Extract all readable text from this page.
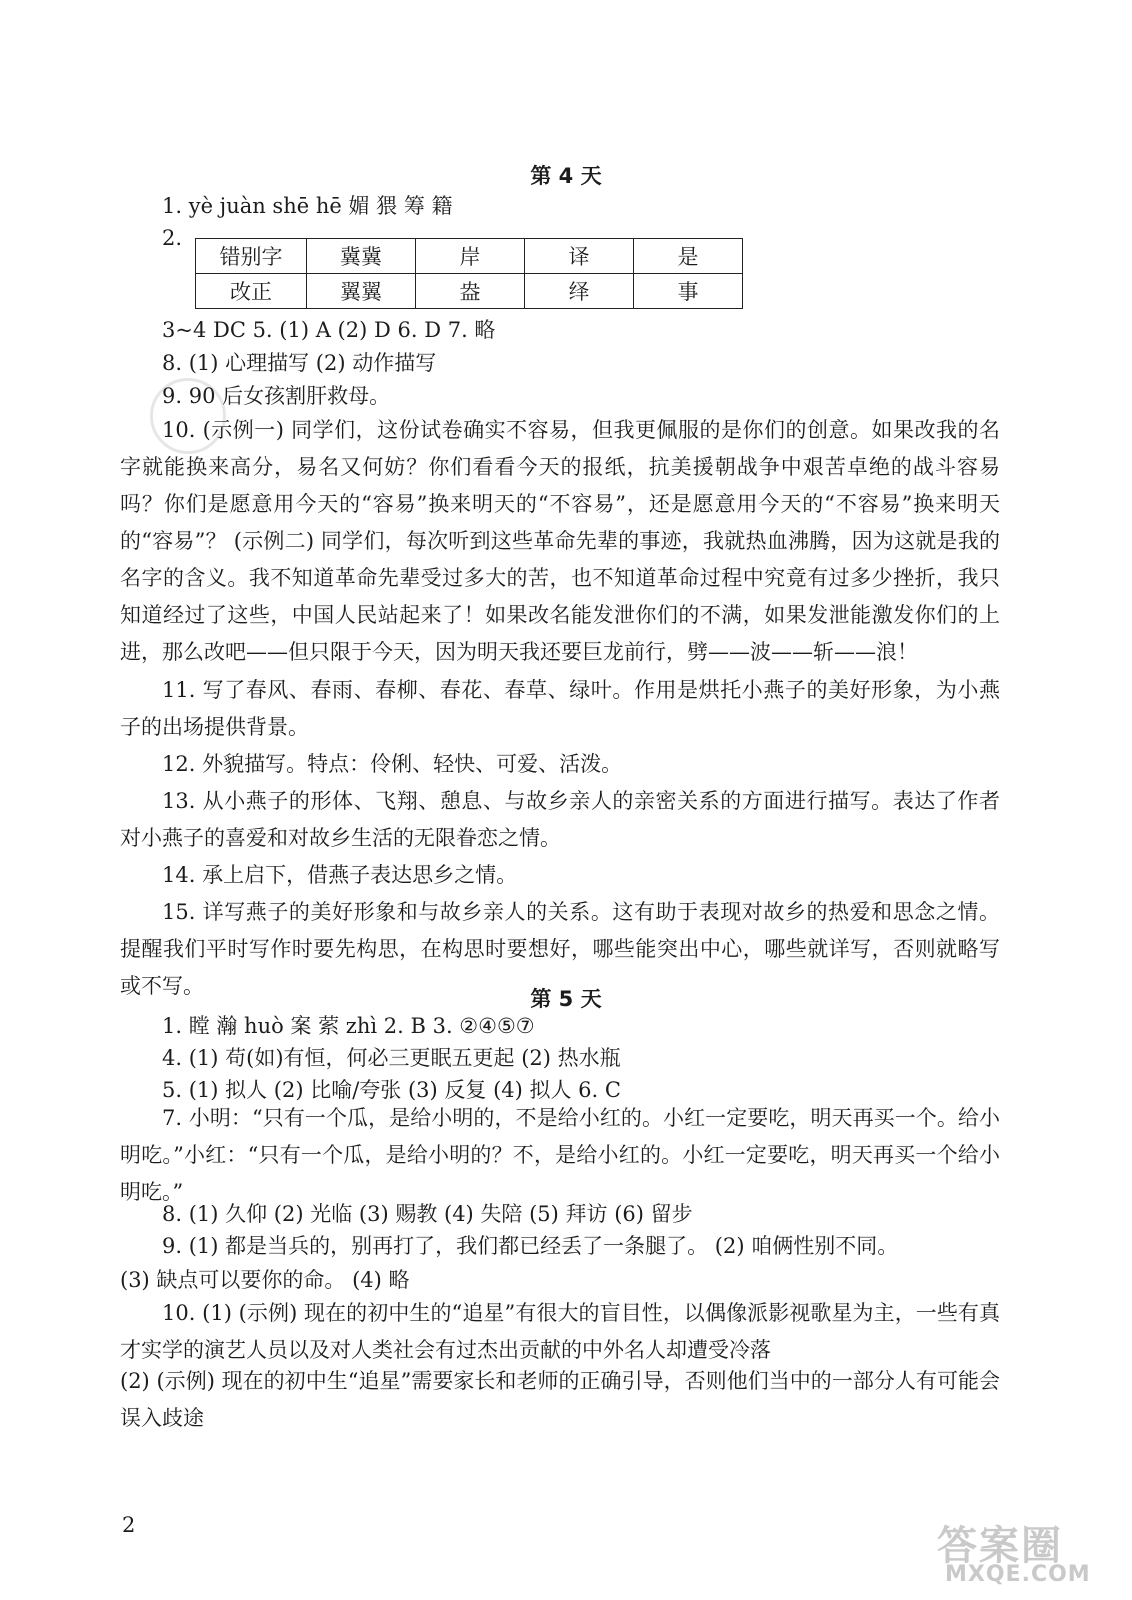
第 4 天
1. yè juàn shē hē 媚 猥 筹 籍
2.
错别字	冀冀	岸	译	是
改正	翼翼	盎	绎	事
3~4 DC 5. (1) A (2) D 6. D 7. 略
8. (1) 心理描写 (2) 动作描写
9. 90 后女孩割肝救母。
10. (示例一) 同学们，这份试卷确实不容易，但我更佩服的是你们的创意。如果改我的名字就能换来高分，易名又何妨？你们看看今天的报纸，抗美援朝战争中艰苦卓绝的战斗容易吗？你们是愿意用今天的“容易”换来明天的“不容易”，还是愿意用今天的“不容易”换来明天的“容易”？ (示例二) 同学们，每次听到这些革命先辈的事迹，我就热血沸腾，因为这就是我的名字的含义。我不知道革命先辈受过多大的苦，也不知道革命过程中究竟有过多少挫折，我只知道经过了这些，中国人民站起来了！如果改名能发泄你们的不满，如果发泄能激发你们的上进，那么改吧——但只限于今天，因为明天我还要巨龙前行，劈——波——斩——浪！
11. 写了春风、春雨、春柳、春花、春草、绿叶。作用是烘托小燕子的美好形象，为小燕子的出场提供背景。
12. 外貌描写。特点：伶俐、轻快、可爱、活泼。
13. 从小燕子的形体、飞翔、憩息、与故乡亲人的亲密关系的方面进行描写。表达了作者对小燕子的喜爱和对故乡生活的无限眷恋之情。
14. 承上启下，借燕子表达思乡之情。
15. 详写燕子的美好形象和与故乡亲人的关系。这有助于表现对故乡的热爱和思念之情。提醒我们平时写作时要先构思，在构思时要想好，哪些能突出中心，哪些就详写，否则就略写或不写。
第 5 天
1. 瞠 瀚 huò 案 萦 zhì 2. B 3. ②④⑤⑦
4. (1) 苟(如)有恒，何必三更眠五更起 (2) 热水瓶
5. (1) 拟人 (2) 比喻/夸张 (3) 反复 (4) 拟人 6. C
7. 小明：“只有一个瓜，是给小明的，不是给小红的。小红一定要吃，明天再买一个。给小明吃。”小红：“只有一个瓜，是给小明的？不，是给小红的。小红一定要吃，明天再买一个给小明吃。”
8. (1) 久仰 (2) 光临 (3) 赐教 (4) 失陪 (5) 拜访 (6) 留步
9. (1) 都是当兵的，别再打了，我们都已经丢了一条腿了。 (2) 咱俩性别不同。
(3) 缺点可以要你的命。 (4) 略
10. (1) (示例) 现在的初中生的“追星”有很大的盲目性，以偶像派影视歌星为主，一些有真才实学的演艺人员以及对人类社会有过杰出贡献的中外名人却遭受冷落
(2) (示例) 现在的初中生“追星”需要家长和老师的正确引导，否则他们当中的一部分人有可能会误入歧途
2	答案圈
MXQE.COM
